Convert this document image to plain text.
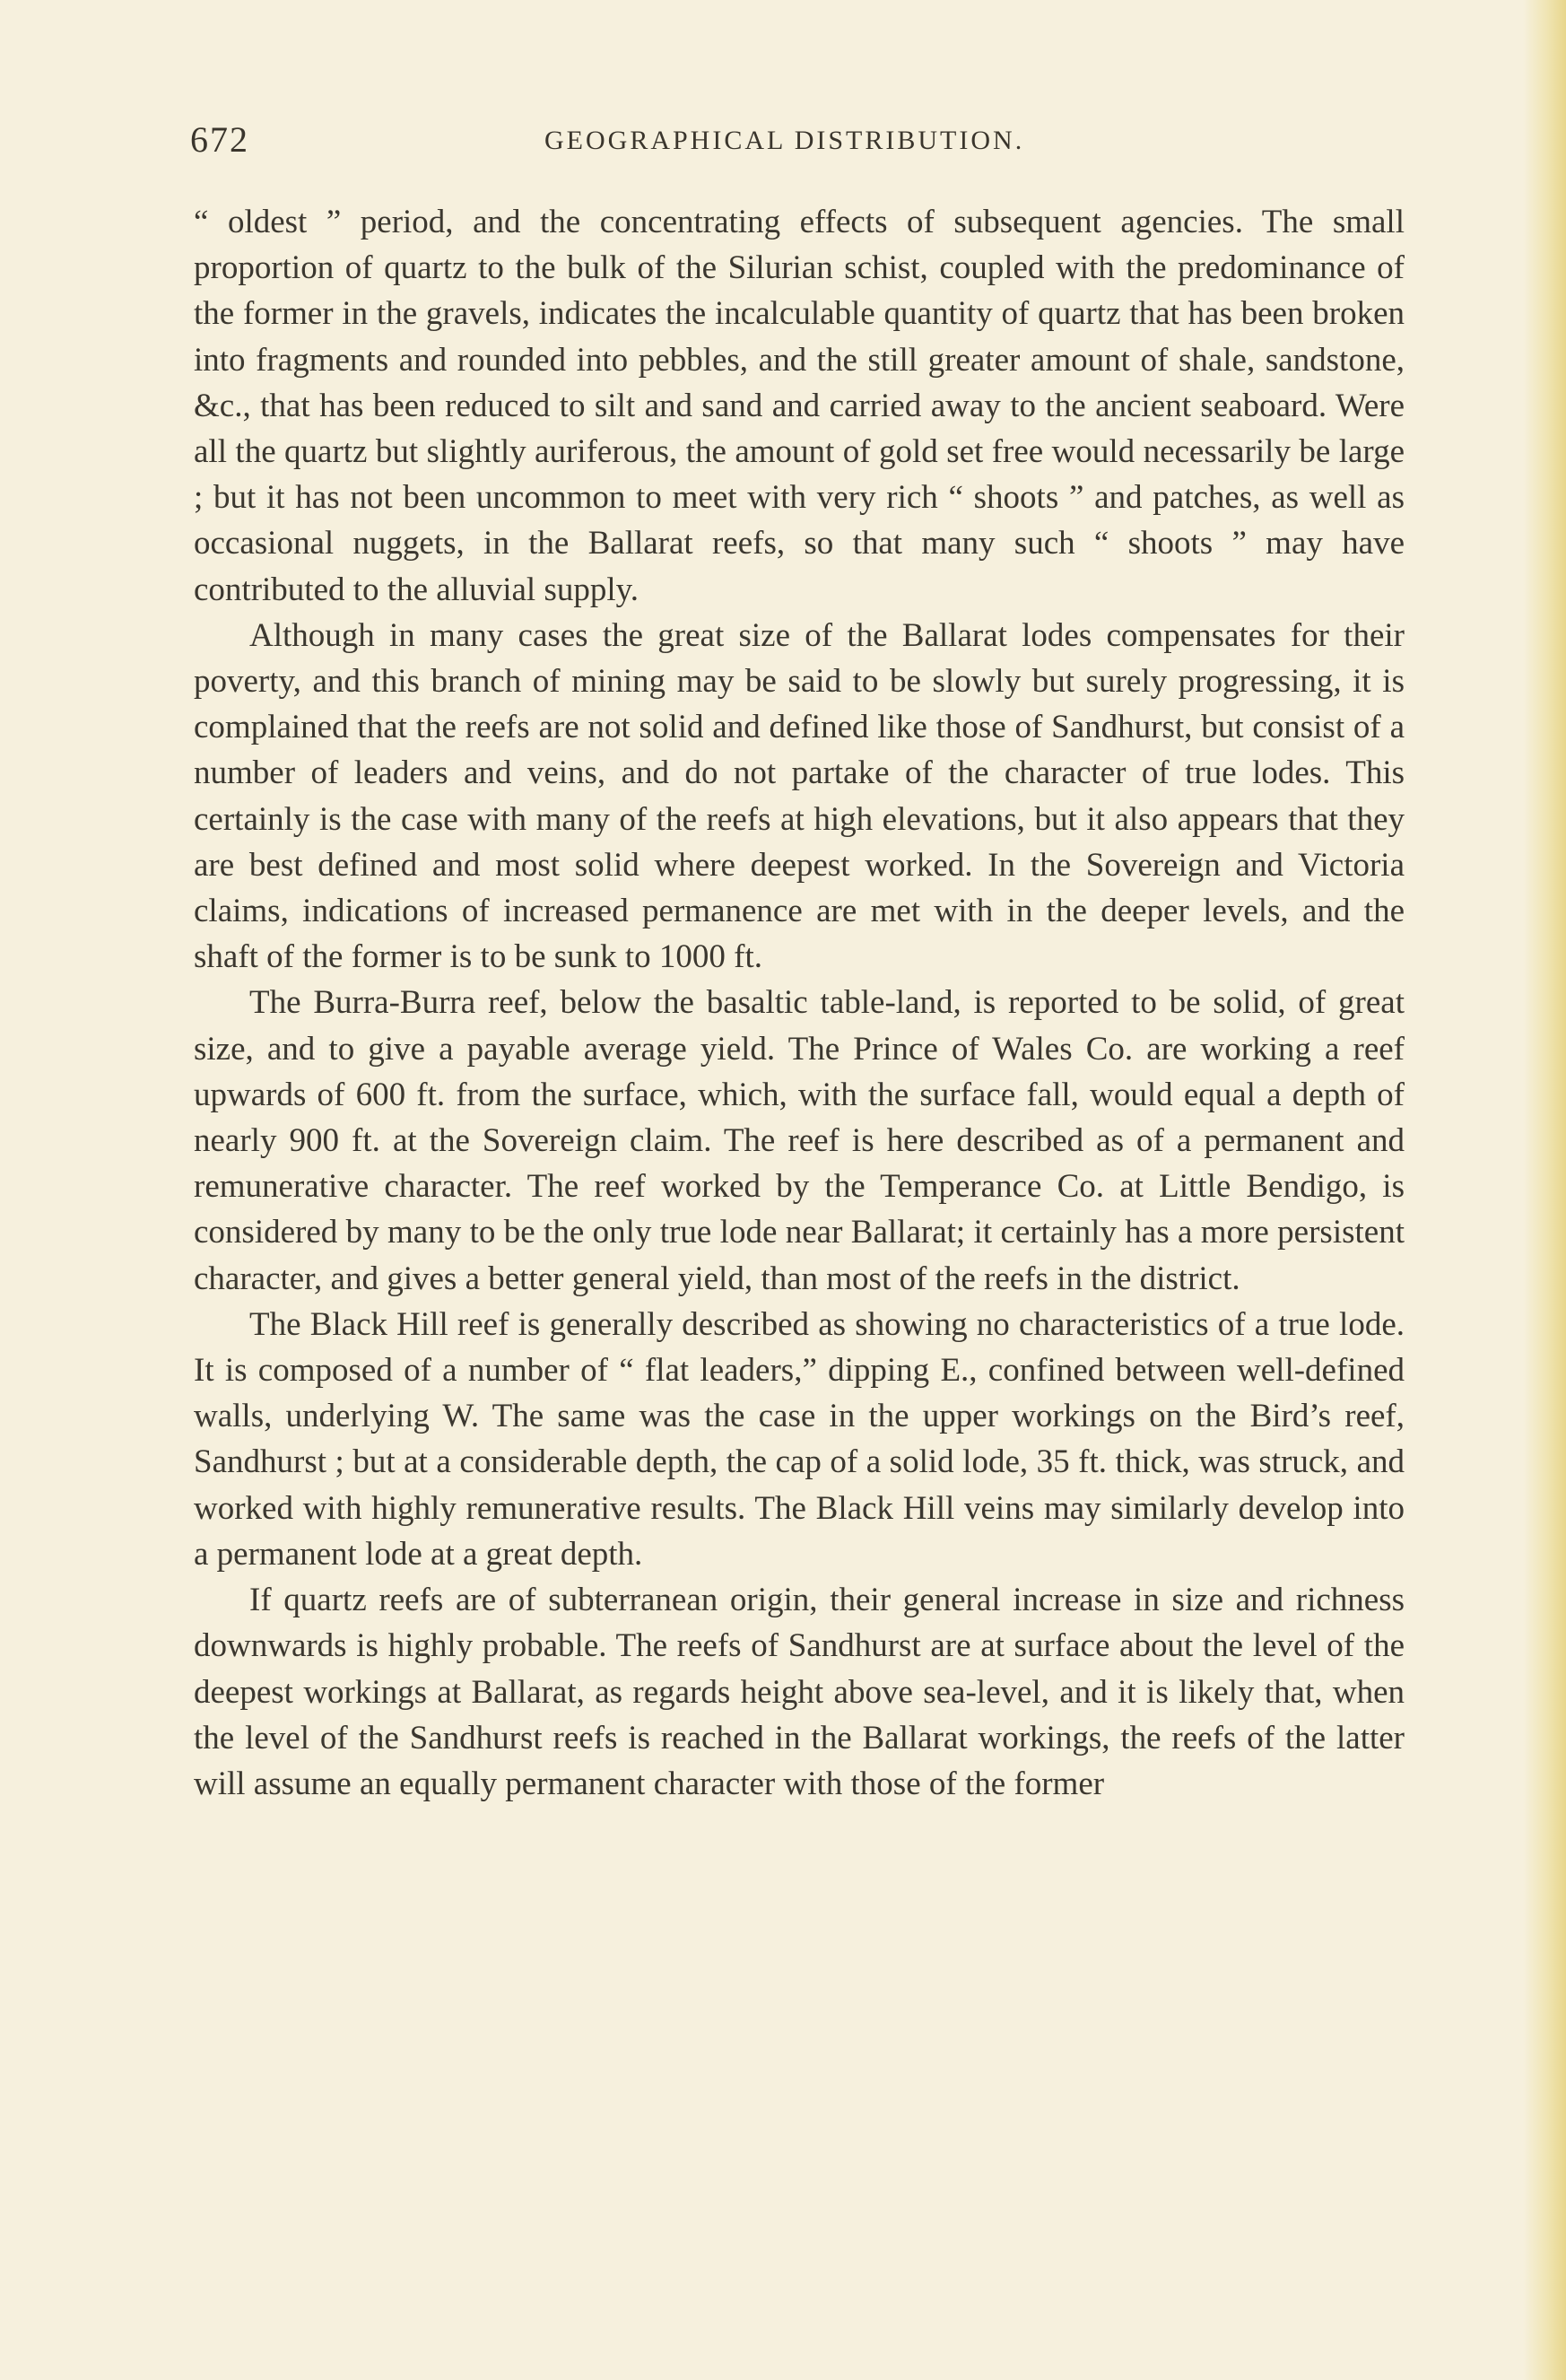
672	GEOGRAPHICAL DISTRIBUTION.

“ oldest ” period, and the concentrating effects of subsequent agencies. The small proportion of quartz to the bulk of the Silurian schist, coupled with the predominance of the former in the gravels, indicates the incalculable quantity of quartz that has been broken into fragments and rounded into pebbles, and the still greater amount of shale, sandstone, &c., that has been reduced to silt and sand and carried away to the ancient seaboard. Were all the quartz but slightly auriferous, the amount of gold set free would necessarily be large ; but it has not been uncommon to meet with very rich “ shoots ” and patches, as well as occasional nuggets, in the Ballarat reefs, so that many such “ shoots ” may have contributed to the alluvial supply.

Although in many cases the great size of the Ballarat lodes compensates for their poverty, and this branch of mining may be said to be slowly but surely progressing, it is complained that the reefs are not solid and defined like those of Sandhurst, but consist of a number of leaders and veins, and do not partake of the character of true lodes. This certainly is the case with many of the reefs at high elevations, but it also appears that they are best defined and most solid where deepest worked. In the Sovereign and Victoria claims, indications of increased permanence are met with in the deeper levels, and the shaft of the former is to be sunk to 1000 ft.

The Burra-Burra reef, below the basaltic table-land, is reported to be solid, of great size, and to give a payable average yield. The Prince of Wales Co. are working a reef upwards of 600 ft. from the surface, which, with the surface fall, would equal a depth of nearly 900 ft. at the Sovereign claim. The reef is here described as of a permanent and remunerative character. The reef worked by the Temperance Co. at Little Bendigo, is considered by many to be the only true lode near Ballarat; it certainly has a more persistent character, and gives a better general yield, than most of the reefs in the district.

The Black Hill reef is generally described as showing no characteristics of a true lode. It is composed of a number of “ flat leaders,” dipping E., confined between well-defined walls, underlying W. The same was the case in the upper workings on the Bird’s reef, Sandhurst ; but at a considerable depth, the cap of a solid lode, 35 ft. thick, was struck, and worked with highly remunerative results. The Black Hill veins may similarly develop into a permanent lode at a great depth.

If quartz reefs are of subterranean origin, their general increase in size and richness downwards is highly probable. The reefs of Sandhurst are at surface about the level of the deepest workings at Ballarat, as regards height above sea-level, and it is likely that, when the level of the Sandhurst reefs is reached in the Ballarat workings, the reefs of the latter will assume an equally permanent character with those of the former
